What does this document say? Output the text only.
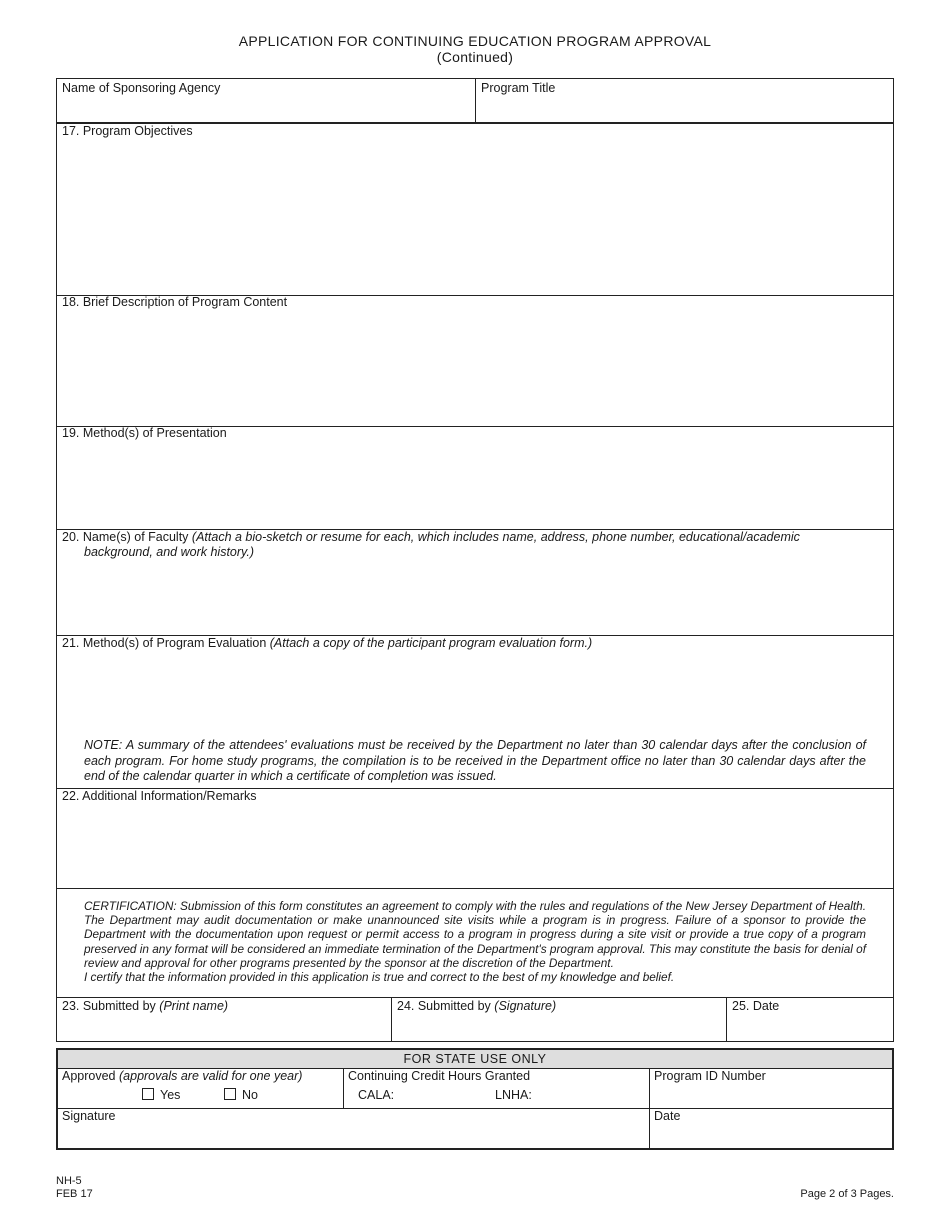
APPLICATION FOR CONTINUING EDUCATION PROGRAM APPROVAL
(Continued)
Name of Sponsoring Agency	Program Title
17. Program Objectives
18. Brief Description of Program Content
19. Method(s) of Presentation
20. Name(s) of Faculty (Attach a bio-sketch or resume for each, which includes name, address, phone number, educational/academic
background, and work history.)
21. Method(s) of Program Evaluation (Attach a copy of the participant program evaluation form.)
NOTE: A summary of the attendees' evaluations must be received by the Department no later than 30 calendar days after the conclusion of each program. For home study programs, the compilation is to be received in the Department office no later than 30 calendar days after the end of the calendar quarter in which a certificate of completion was issued.
22. Additional Information/Remarks

CERTIFICATION: Submission of this form constitutes an agreement to comply with the rules and regulations of the New Jersey Department of Health. The Department may audit documentation or make unannounced site visits while a program is in progress. Failure of a sponsor to provide the Department with the documentation upon request or permit access to a program in progress during a site visit or provide a true copy of a program preserved in any format will be considered an immediate termination of the Department's program approval. This may constitute the basis for denial of review and approval for other programs presented by the sponsor at the discretion of the Department.

I certify that the information provided in this application is true and correct to the best of my knowledge and belief.

23. Submitted by (Print name)	24. Submitted by (Signature)	25. Date
FOR STATE USE ONLY
Approved (approvals are valid for one year)
Yes	No
Continuing Credit Hours Granted
CALA:	LNHA:
Program ID Number
Signature	Date
NH-5
FEB 17	Page 2 of 3 Pages.
